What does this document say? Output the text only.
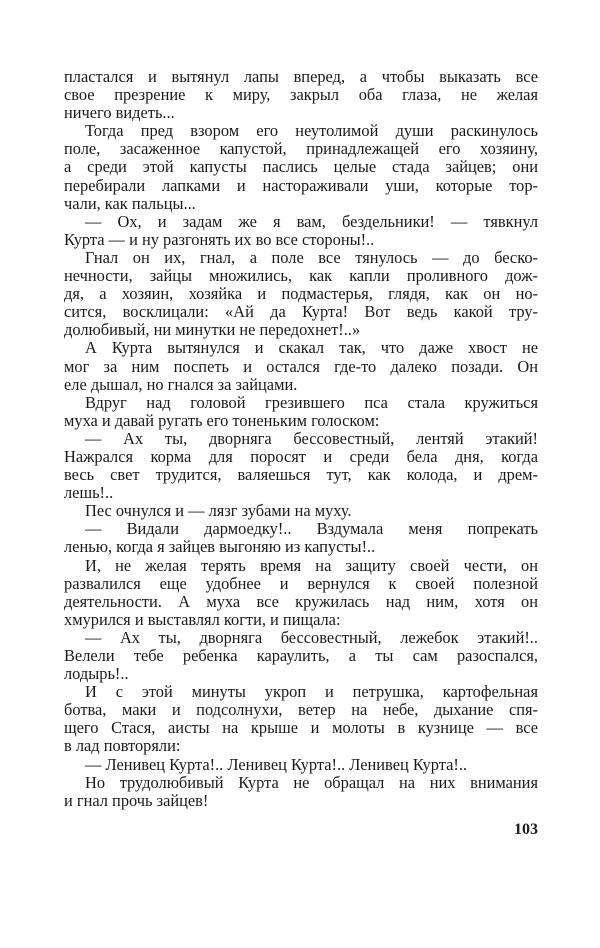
пластался и вытянул лапы вперед, а чтобы выказать все
свое презрение к миру, закрыл оба глаза, не желая
ничего видеть...
Тогда пред взором его неутолимой души раскинулось
поле, засаженное капустой, принадлежащей его хозяину,
а среди этой капусты паслись целые стада зайцев; они
перебирали лапками и настораживали уши, которые тор-
чали, как пальцы...
— Ох, и задам же я вам, бездельники! — тявкнул
Курта — и ну разгонять их во все стороны!..
Гнал он их, гнал, а поле все тянулось — до беско-
нечности, зайцы множились, как капли проливного дож-
дя, а хозяин, хозяйка и подмастерья, глядя, как он но-
сится, восклицали: «Ай да Курта! Вот ведь какой тру-
долюбивый, ни минутки не передохнет!..»
А Курта вытянулся и скакал так, что даже хвост не
мог за ним поспеть и остался где-то далеко позади. Он
еле дышал, но гнался за зайцами.
Вдруг над головой грезившего пса стала кружиться
муха и давай ругать его тоненьким голоском:
— Ах ты, дворняга бессовестный, лентяй этакий!
Нажрался корма для поросят и среди бела дня, когда
весь свет трудится, валяешься тут, как колода, и дрем-
лешь!..
Пес очнулся и — лязг зубами на муху.
— Видали дармоедку!.. Вздумала меня попрекать
ленью, когда я зайцев выгоняю из капусты!..
И, не желая терять время на защиту своей чести, он
развалился еще удобнее и вернулся к своей полезной
деятельности. А муха все кружилась над ним, хотя он
хмурился и выставлял когти, и пищала:
— Ах ты, дворняга бессовестный, лежебок этакий!..
Велели тебе ребенка караулить, а ты сам разоспался,
лодырь!..
И с этой минуты укроп и петрушка, картофельная
ботва, маки и подсолнухи, ветер на небе, дыхание спя-
щего Стася, аисты на крыше и молоты в кузнице — все
в лад повторяли:
— Ленивец Курта!.. Ленивец Курта!.. Ленивец Курта!..
Но трудолюбивый Курта не обращал на них внимания
и гнал прочь зайцев!
103
